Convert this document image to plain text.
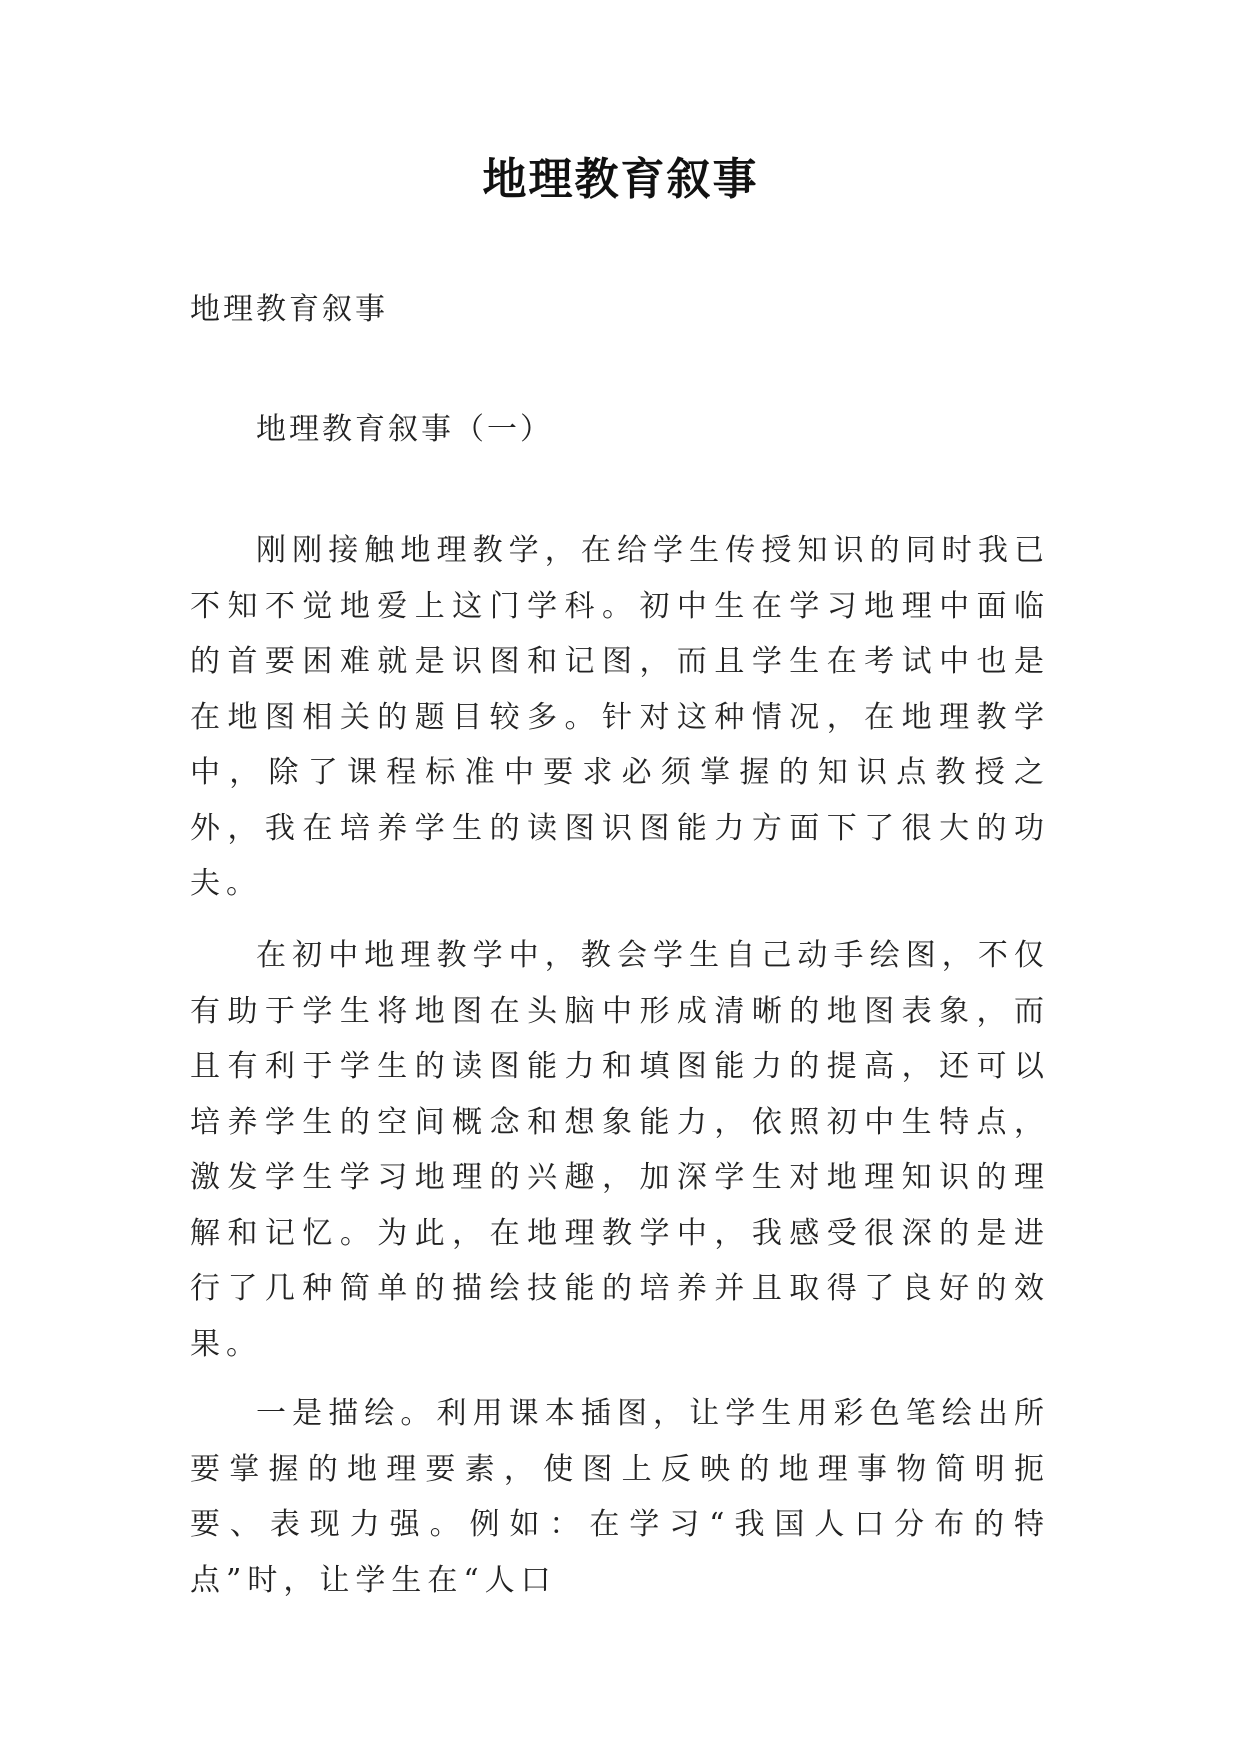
地理教育叙事

地理教育叙事

地理教育叙事（一）

刚刚接触地理教学，在给学生传授知识的同时我已不知不觉地爱上这门学科。初中生在学习地理中面临的首要困难就是识图和记图，而且学生在考试中也是在地图相关的题目较多。针对这种情况，在地理教学中，除了课程标准中要求必须掌握的知识点教授之外，我在培养学生的读图识图能力方面下了很大的功夫。

在初中地理教学中，教会学生自己动手绘图，不仅有助于学生将地图在头脑中形成清晰的地图表象，而且有利于学生的读图能力和填图能力的提高，还可以培养学生的空间概念和想象能力，依照初中生特点，激发学生学习地理的兴趣，加深学生对地理知识的理解和记忆。为此，在地理教学中，我感受很深的是进行了几种简单的描绘技能的培养并且取得了良好的效果。

一是描绘。利用课本插图，让学生用彩色笔绘出所要掌握的地理要素，使图上反映的地理事物简明扼要、表现力强。例如：在学习“我国人口分布的特点”时，让学生在“人口
